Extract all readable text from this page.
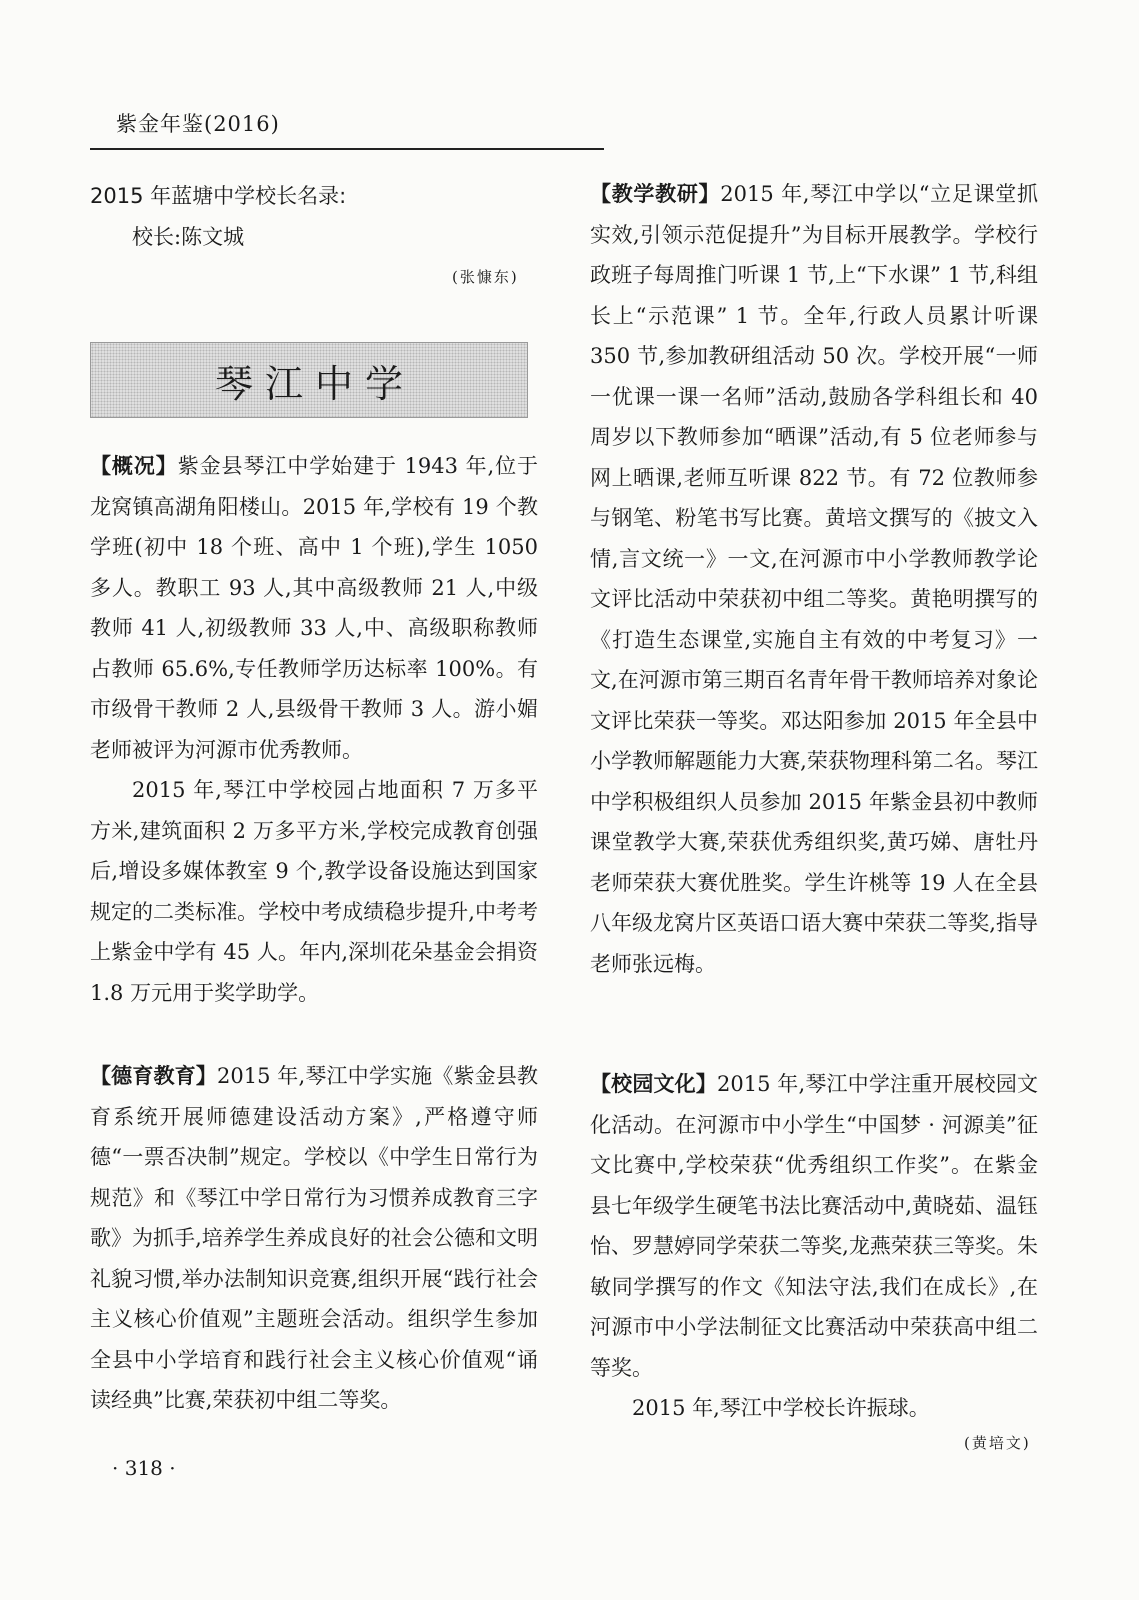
紫金年鉴(2016)

2015 年蓝塘中学校长名录:

校长:陈文城

(张慷东)
琴江中学

【概况】紫金县琴江中学始建于 1943 年,位于龙窝镇高湖角阳楼山。2015 年,学校有 19 个教学班(初中 18 个班、高中 1 个班),学生 1050 多人。教职工 93 人,其中高级教师 21 人,中级教师 41 人,初级教师 33 人,中、高级职称教师占教师 65.6%,专任教师学历达标率 100%。有市级骨干教师 2 人,县级骨干教师 3 人。游小媚老师被评为河源市优秀教师。

2015 年,琴江中学校园占地面积 7 万多平方米,建筑面积 2 万多平方米,学校完成教育创强后,增设多媒体教室 9 个,教学设备设施达到国家规定的二类标准。学校中考成绩稳步提升,中考考上紫金中学有 45 人。年内,深圳花朵基金会捐资 1.8 万元用于奖学助学。

【德育教育】2015 年,琴江中学实施《紫金县教育系统开展师德建设活动方案》,严格遵守师德“一票否决制”规定。学校以《中学生日常行为规范》和《琴江中学日常行为习惯养成教育三字歌》为抓手,培养学生养成良好的社会公德和文明礼貌习惯,举办法制知识竞赛,组织开展“践行社会主义核心价值观”主题班会活动。组织学生参加全县中小学培育和践行社会主义核心价值观“诵读经典”比赛,荣获初中组二等奖。

· 318 ·

【教学教研】2015 年,琴江中学以“立足课堂抓实效,引领示范促提升”为目标开展教学。学校行政班子每周推门听课 1 节,上“下水课” 1 节,科组长上“示范课” 1 节。全年,行政人员累计听课 350 节,参加教研组活动 50 次。学校开展“一师一优课一课一名师”活动,鼓励各学科组长和 40 周岁以下教师参加“晒课”活动,有 5 位老师参与网上晒课,老师互听课 822 节。有 72 位教师参与钢笔、粉笔书写比赛。黄培文撰写的《披文入情,言文统一》一文,在河源市中小学教师教学论文评比活动中荣获初中组二等奖。黄艳明撰写的《打造生态课堂,实施自主有效的中考复习》一文,在河源市第三期百名青年骨干教师培养对象论文评比荣获一等奖。邓达阳参加 2015 年全县中小学教师解题能力大赛,荣获物理科第二名。琴江中学积极组织人员参加 2015 年紫金县初中教师课堂教学大赛,荣获优秀组织奖,黄巧娣、唐牡丹老师荣获大赛优胜奖。学生许桃等 19 人在全县八年级龙窝片区英语口语大赛中荣获二等奖,指导老师张远梅。

【校园文化】2015 年,琴江中学注重开展校园文化活动。在河源市中小学生“中国梦 · 河源美”征文比赛中,学校荣获“优秀组织工作奖”。在紫金县七年级学生硬笔书法比赛活动中,黄晓茹、温钰怡、罗慧婷同学荣获二等奖,龙燕荣获三等奖。朱敏同学撰写的作文《知法守法,我们在成长》,在河源市中小学法制征文比赛活动中荣获高中组二等奖。

2015 年,琴江中学校长许振球。

(黄培文)
